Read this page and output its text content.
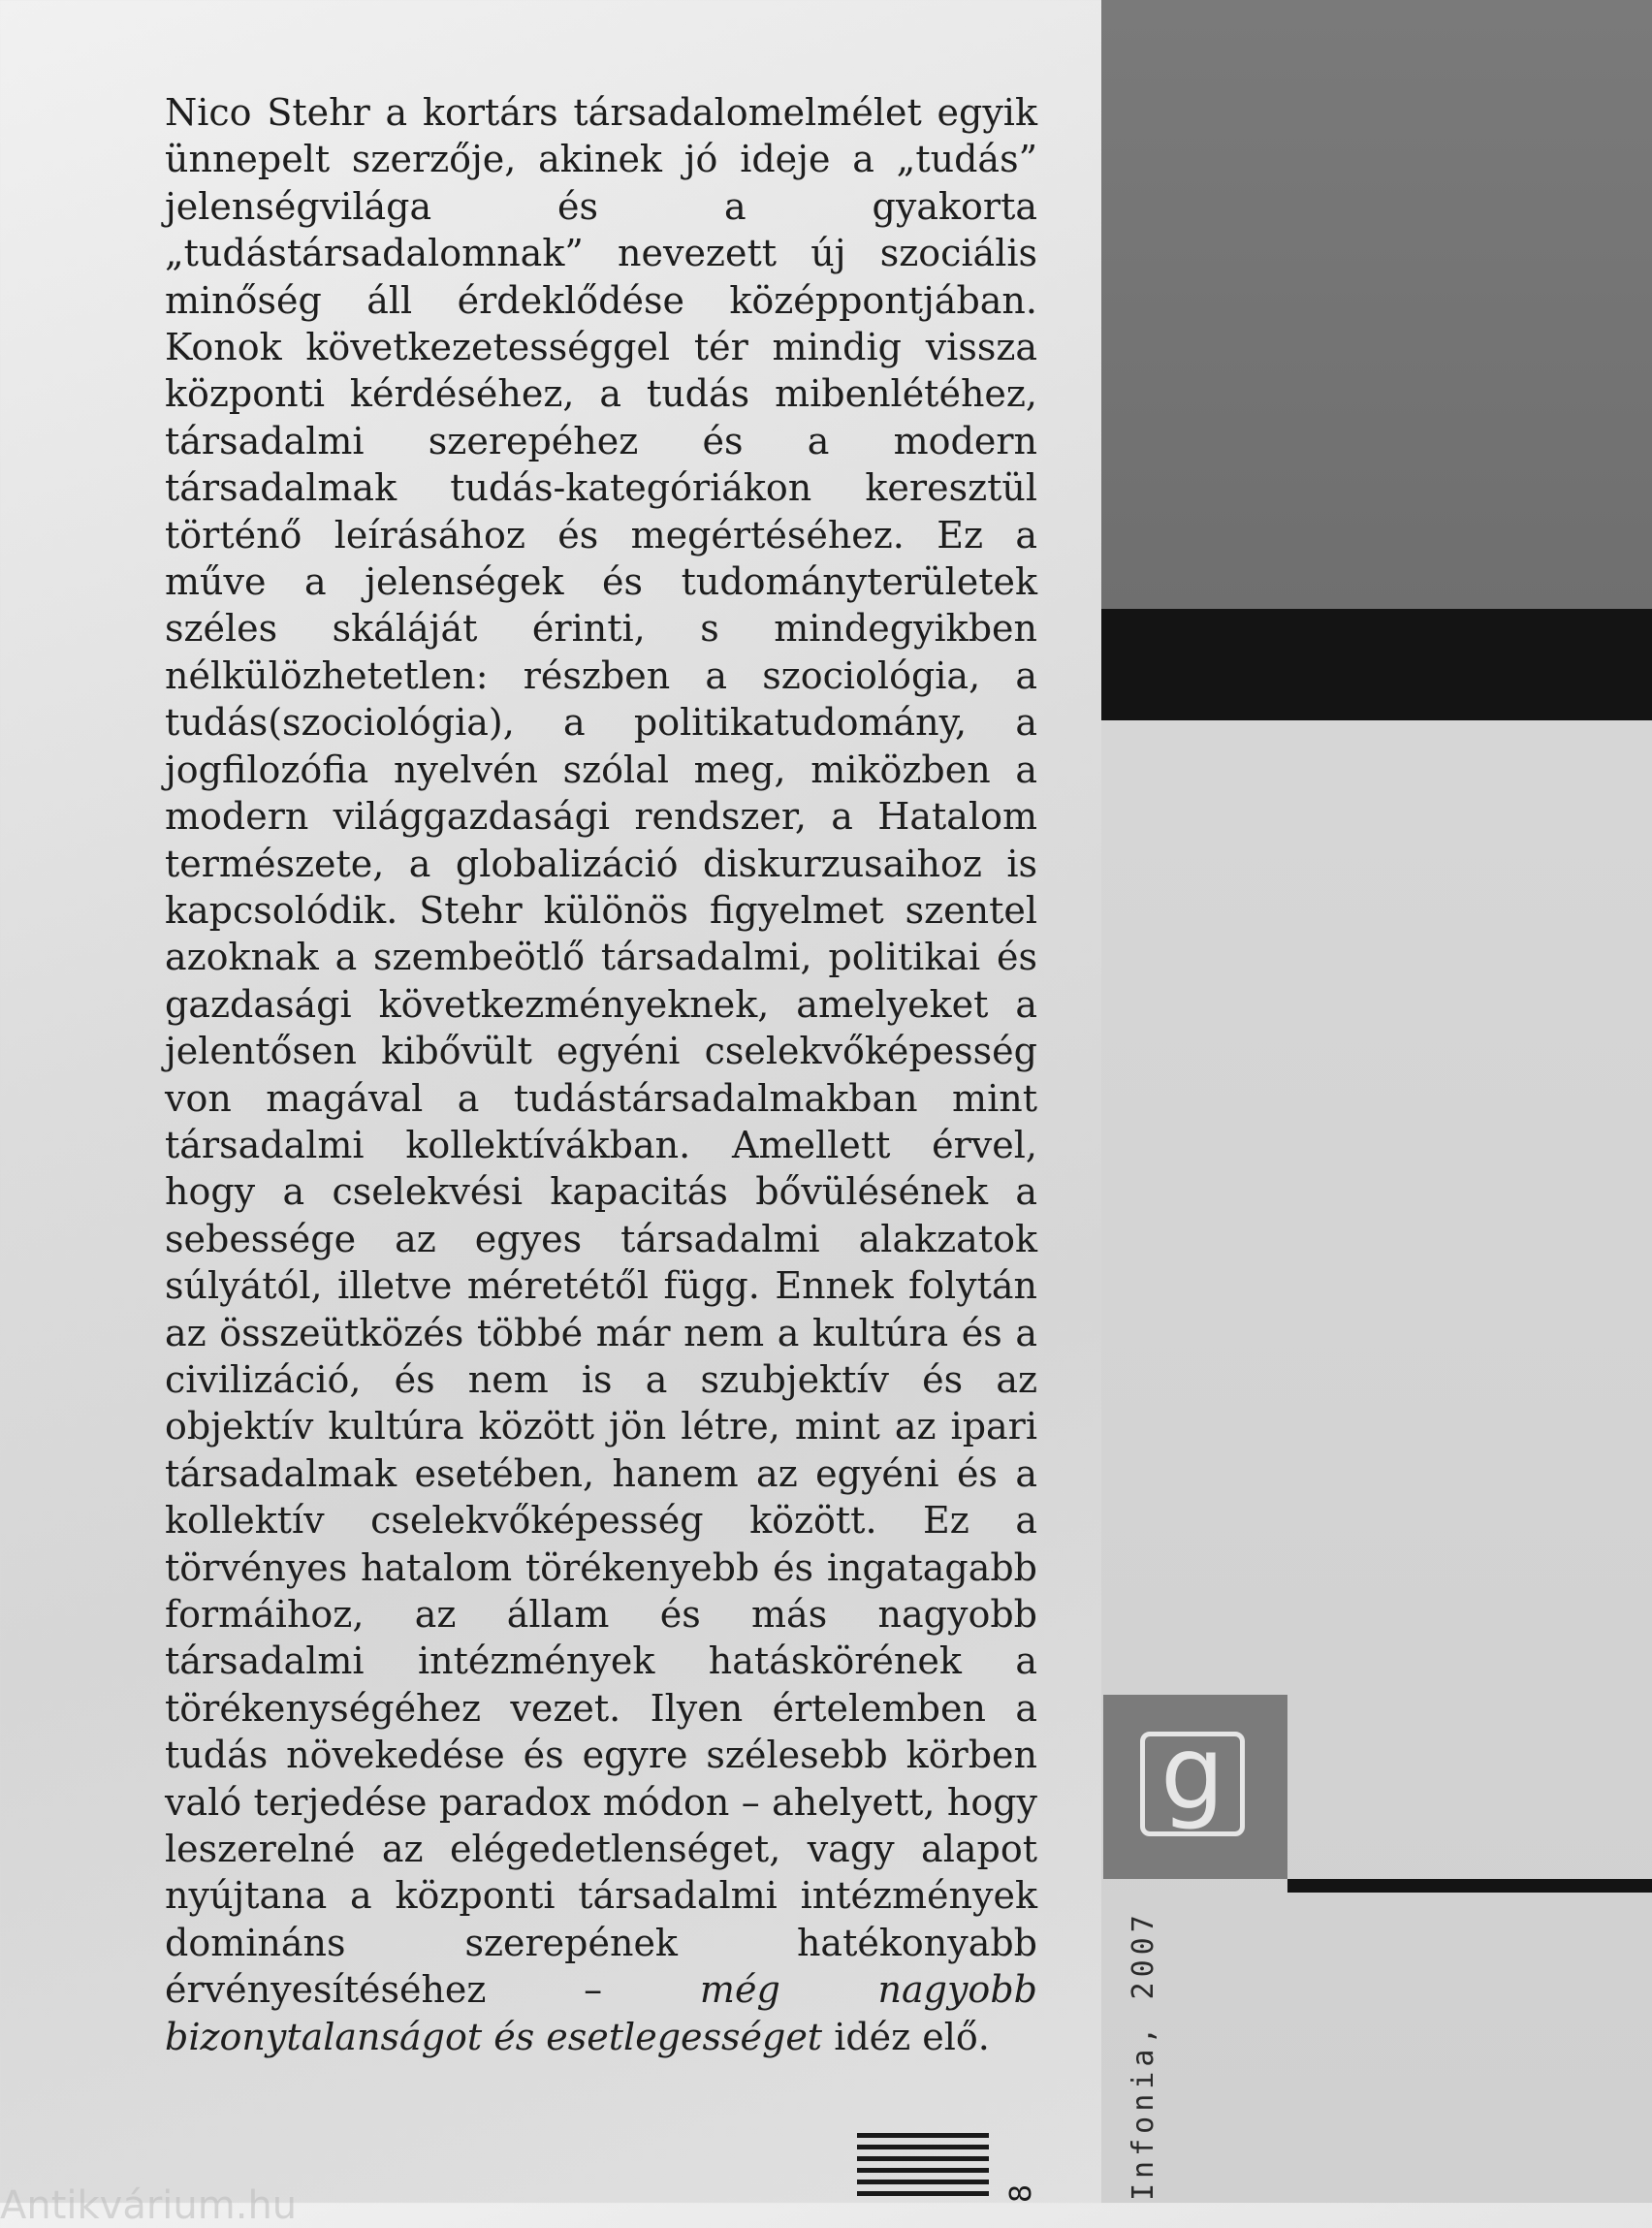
Nico Stehr a kortárs társadalomelmélet egyik ünnepelt szerzője, akinek jó ideje a „tudás” jelenségvilága és a gyakorta „tudástársadalomnak” nevezett új szociális minőség áll érdeklődése középpontjában. Konok következetességgel tér mindig vissza központi kérdéséhez, a tudás mibenlétéhez, társadalmi szerepéhez és a modern társadalmak tudás-kategóriákon keresztül történő leírásához és megértéséhez. Ez a műve a jelenségek és tudományterületek széles skáláját érinti, s mindegyikben nélkülözhetetlen: részben a szociológia, a tudás(szociológia), a politikatudomány, a jogfilozófia nyelvén szólal meg, miközben a modern világgazdasági rendszer, a Hatalom természete, a globalizáció diskurzusaihoz is kapcsolódik. Stehr különös figyelmet szentel azoknak a szembeötlő társadalmi, politikai és gazdasági következményeknek, amelyeket a jelentősen kibővült egyéni cselekvőképesség von magával a tudástársadalmakban mint társadalmi kollektívákban. Amellett érvel, hogy a cselekvési kapacitás bővülésének a sebessége az egyes társadalmi alakzatok súlyától, illetve méretétől függ. Ennek folytán az összeütközés többé már nem a kultúra és a civilizáció, és nem is a szubjektív és az objektív kultúra között jön létre, mint az ipari társadalmak esetében, hanem az egyéni és a kollektív cselekvőképesség között. Ez a törvényes hatalom törékenyebb és ingatagabb formáihoz, az állam és más nagyobb társadalmi intézmények hatáskörének a törékenységéhez vezet. Ilyen értelemben a tudás növekedése és egyre szélesebb körben való terjedése paradox módon – ahelyett, hogy leszerelné az elégedetlenséget, vagy alapot nyújtana a központi társadalmi intézmények domináns szerepének hatékonyabb érvényesítéséhez –	még nagyobb bizonytalanságot és esetlegességet idéz elő.
g
Infonia, 2007
8
Antikvárium.hu
